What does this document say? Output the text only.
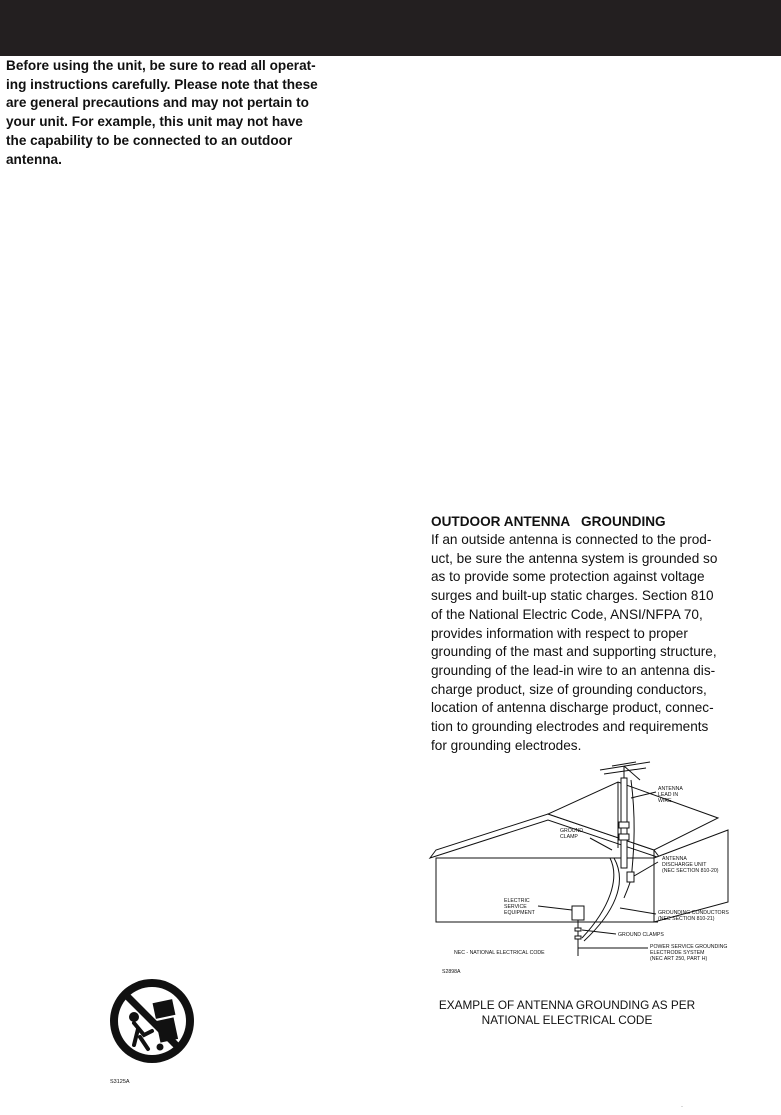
Before using the unit, be sure to read all operat-
ing instructions carefully. Please note that these
are general precautions and may not pertain to
your unit. For example, this unit may not have
the capability to be connected to an outdoor
antenna.

OUTDOOR ANTENNA   GROUNDING

If an outside antenna is connected to the prod-
uct, be sure the antenna system is grounded so
as to provide some protection against voltage
surges and built-up static charges. Section 810
of the National Electric Code, ANSI/NFPA 70,
provides information with respect to proper
grounding of the mast and supporting structure,
grounding of the lead-in wire to an antenna dis-
charge product, size of grounding conductors,
location of antenna discharge product, connec-
tion to grounding electrodes and requirements
for grounding electrodes.

ANTENNA
LEAD IN
WIRE
GROUND
CLAMP
ANTENNA
DISCHARGE UNIT
(NEC SECTION 810-20)
ELECTRIC
SERVICE
EQUIPMENT	GROUNDING CONDUCTORS
(NEC SECTION 810-21)
GROUND CLAMPS
POWER SERVICE GROUNDING
ELECTRODE SYSTEM
(NEC ART 250, PART H)
NEC - NATIONAL ELECTRICAL CODE
S2898A
EXAMPLE OF ANTENNA GROUNDING AS PER
NATIONAL ELECTRICAL CODE
S3125A
·
